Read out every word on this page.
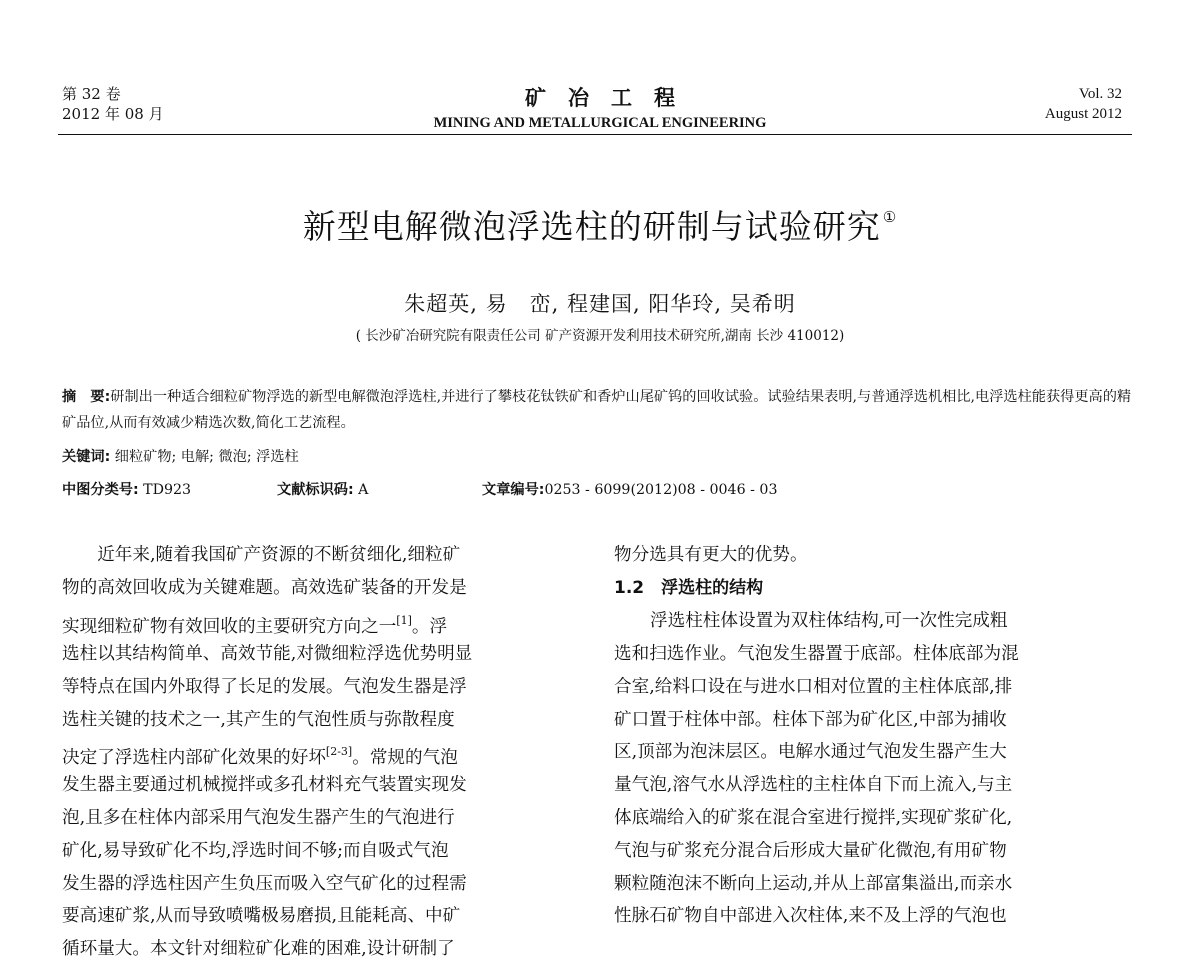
第 32 卷
2012 年 08 月
矿冶工程
MINING AND METALLURGICAL ENGINEERING
Vol. 32
August 2012
新型电解微泡浮选柱的研制与试验研究 ①
朱超英, 易　峦, 程建国, 阳华玲, 吴希明
( 长沙矿冶研究院有限责任公司 矿产资源开发利用技术研究所,湖南 长沙 410012)
摘　要:研制出一种适合细粒矿物浮选的新型电解微泡浮选柱,并进行了攀枝花钛铁矿和香炉山尾矿钨的回收试验。试验结果表明,与普通浮选机相比,电浮选柱能获得更高的精矿品位,从而有效减少精选次数,简化工艺流程。
关键词: 细粒矿物; 电解; 微泡; 浮选柱
中图分类号: TD923	文献标识码: A	文章编号:0253 - 6099(2012)08 - 0046 - 03
　　近年来,随着我国矿产资源的不断贫细化,细粒矿
物的高效回收成为关键难题。高效选矿装备的开发是
实现细粒矿物有效回收的主要研究方向之一[1]。浮
选柱以其结构简单、高效节能,对微细粒浮选优势明显
等特点在国内外取得了长足的发展。气泡发生器是浮
选柱关键的技术之一,其产生的气泡性质与弥散程度
决定了浮选柱内部矿化效果的好坏[2-3]。常规的气泡
发生器主要通过机械搅拌或多孔材料充气装置实现发
泡,且多在柱体内部采用气泡发生器产生的气泡进行
矿化,易导致矿化不均,浮选时间不够;而自吸式气泡
发生器的浮选柱因产生负压而吸入空气矿化的过程需
要高速矿浆,从而导致喷嘴极易磨损,且能耗高、中矿
循环量大。本文针对细粒矿化难的困难,设计研制了
物分选具有更大的优势。
1.2　 浮选柱的结构
浮选柱柱体设置为双柱体结构,可一次性完成粗
选和扫选作业。气泡发生器置于底部。柱体底部为混
合室,给料口设在与进水口相对位置的主柱体底部,排
矿口置于柱体中部。柱体下部为矿化区,中部为捕收
区,顶部为泡沫层区。电解水通过气泡发生器产生大
量气泡,溶气水从浮选柱的主柱体自下而上流入,与主
体底端给入的矿浆在混合室进行搅拌,实现矿浆矿化,
气泡与矿浆充分混合后形成大量矿化微泡,有用矿物
颗粒随泡沫不断向上运动,并从上部富集溢出,而亲水
性脉石矿物自中部进入次柱体,来不及上浮的气泡也
